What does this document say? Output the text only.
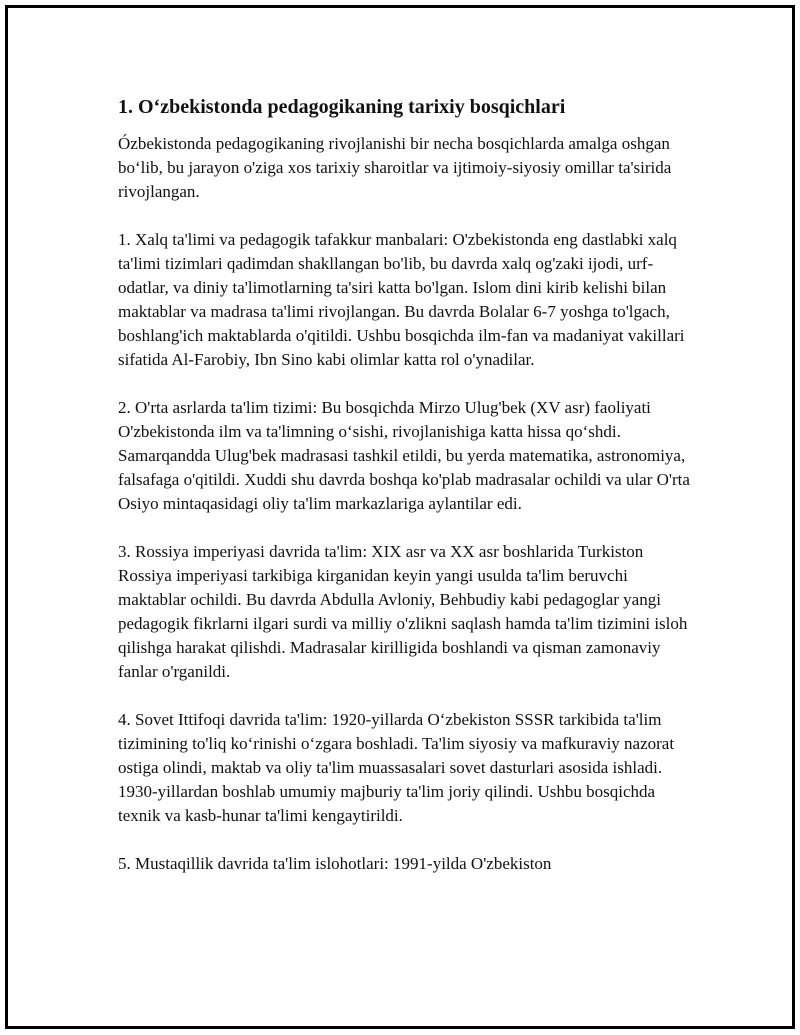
1. O‘zbekistonda pedagogikaning tarixiy bosqichlari

Ózbekistonda pedagogikaning rivojlanishi bir necha bosqichlarda amalga oshgan bo‘lib, bu jarayon o'ziga xos tarixiy sharoitlar va ijtimoiy-siyosiy omillar ta'sirida rivojlangan.

1. Xalq ta'limi va pedagogik tafakkur manbalari: O'zbekistonda eng dastlabki xalq ta'limi tizimlari qadimdan shakllangan bo'lib, bu davrda xalq og'zaki ijodi, urf-odatlar, va diniy ta'limotlarning ta'siri katta bo'lgan. Islom dini kirib kelishi bilan maktablar va madrasa ta'limi rivojlangan. Bu davrda Bolalar 6-7 yoshga to'lgach, boshlang'ich maktablarda o'qitildi. Ushbu bosqichda ilm-fan va madaniyat vakillari sifatida Al-Farobiy, Ibn Sino kabi olimlar katta rol o'ynadilar.

2. O'rta asrlarda ta'lim tizimi: Bu bosqichda Mirzo Ulug'bek (XV asr) faoliyati O'zbekistonda ilm va ta'limning o‘sishi, rivojlanishiga katta hissa qo‘shdi. Samarqandda Ulug'bek madrasasi tashkil etildi, bu yerda matematika, astronomiya, falsafaga o'qitildi. Xuddi shu davrda boshqa ko'plab madrasalar ochildi va ular O'rta Osiyo mintaqasidagi oliy ta'lim markazlariga aylantilar edi.

3. Rossiya imperiyasi davrida ta'lim: XIX asr va XX asr boshlarida Turkiston Rossiya imperiyasi tarkibiga kirganidan keyin yangi usulda ta'lim beruvchi maktablar ochildi. Bu davrda Abdulla Avloniy, Behbudiy kabi pedagoglar yangi pedagogik fikrlarni ilgari surdi va milliy o'zlikni saqlash hamda ta'lim tizimini isloh qilishga harakat qilishdi. Madrasalar kirilligida boshlandi va qisman zamonaviy fanlar o'rganildi.

4. Sovet Ittifoqi davrida ta'lim: 1920-yillarda O‘zbekiston SSSR tarkibida ta'lim tizimining to'liq ko‘rinishi o‘zgara boshladi. Ta'lim siyosiy va mafkuraviy nazorat ostiga olindi, maktab va oliy ta'lim muassasalari sovet dasturlari asosida ishladi. 1930-yillardan boshlab umumiy majburiy ta'lim joriy qilindi. Ushbu bosqichda texnik va kasb-hunar ta'limi kengaytirildi.

5. Mustaqillik davrida ta'lim islohotlari: 1991-yilda O'zbekiston
